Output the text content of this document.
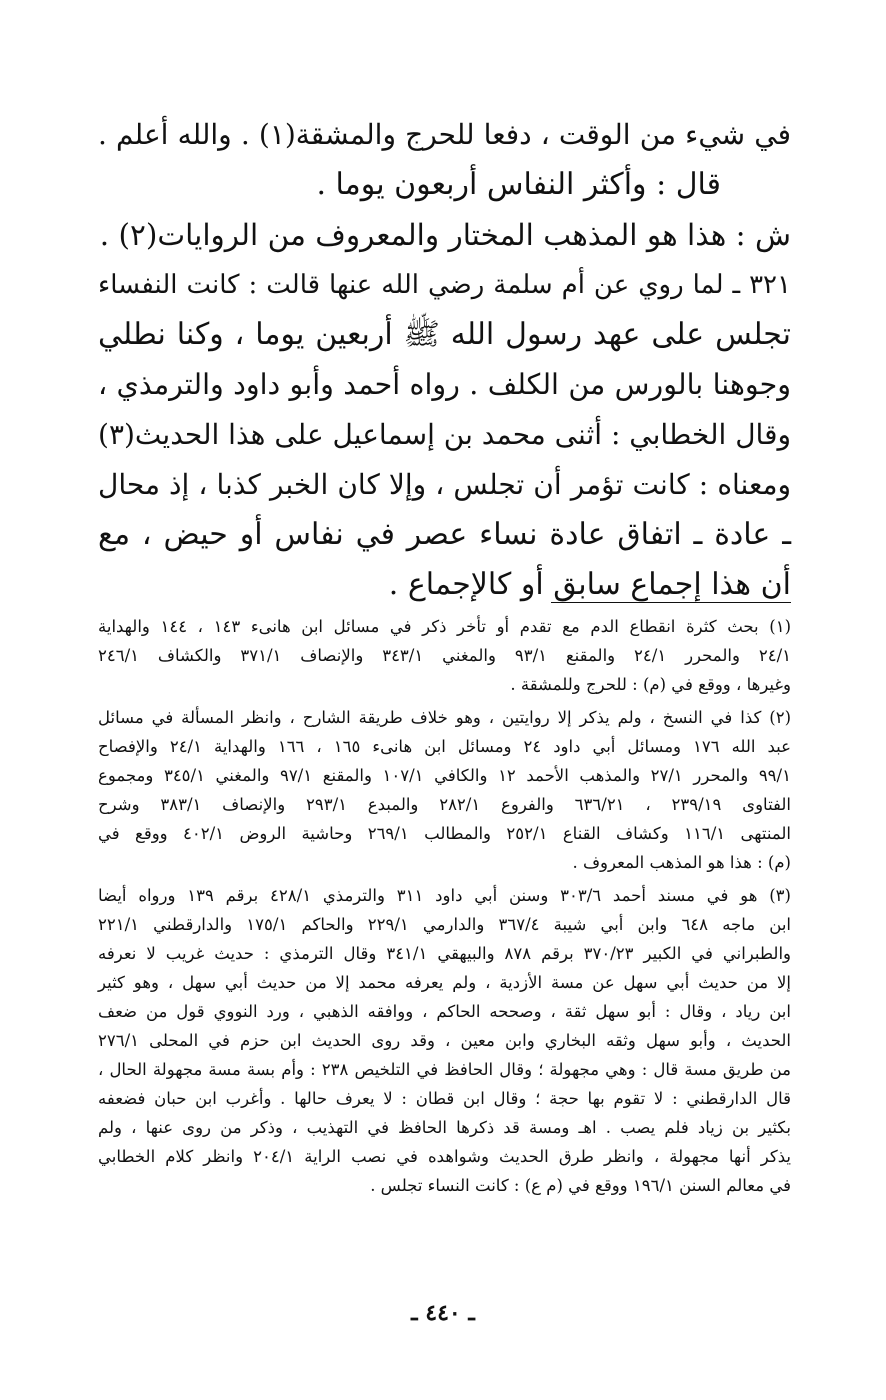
في شيء من الوقت ، دفعا للحرج والمشقة(١) . والله أعلم .
قال : وأكثر النفاس أربعون يوما .
ش : هذا هو المذهب المختار والمعروف من الروايات(٢) .
٣٢١ ـ لما روي عن أم سلمة رضي الله عنها قالت : كانت النفساء
تجلس على عهد رسول الله ﷺ أربعين يوما ، وكنا نطلي
وجوهنا بالورس من الكلف . رواه أحمد وأبو داود والترمذي ،
وقال الخطابي : أثنى محمد بن إسماعيل على هذا الحديث(٣)
ومعناه : كانت تؤمر أن تجلس ، وإلا كان الخبر كذبا ، إذ محال
ـ عادة ـ اتفاق عادة نساء عصر في نفاس أو حيض ، مع
أن هذا إجماع سابق أو كالإجماع .
(١) بحث كثرة انقطاع الدم مع تقدم أو تأخر ذكر في مسائل ابن هانىء ١٤٣ ، ١٤٤ والهداية
٢٤/١ والمحرر ٢٤/١ والمقنع ٩٣/١ والمغني ٣٤٣/١ والإنصاف ٣٧١/١ والكشاف ٢٤٦/١
وغيرها ، ووقع في (م) : للحرج وللمشقة .
(٢) كذا في النسخ ، ولم يذكر إلا روايتين ، وهو خلاف طريقة الشارح ، وانظر المسألة في مسائل
عبد الله ١٧٦ ومسائل أبي داود ٢٤ ومسائل ابن هانىء ١٦٥ ، ١٦٦ والهداية ٢٤/١ والإفصاح
٩٩/١ والمحرر ٢٧/١ والمذهب الأحمد ١٢ والكافي ١٠٧/١ والمقنع ٩٧/١ والمغني ٣٤٥/١ ومجموع
الفتاوى ٢٣٩/١٩ ، ٦٣٦/٢١ والفروع ٢٨٢/١ والمبدع ٢٩٣/١ والإنصاف ٣٨٣/١ وشرح
المنتهى ١١٦/١ وكشاف القناع ٢٥٢/١ والمطالب ٢٦٩/١ وحاشية الروض ٤٠٢/١ ووقع في
(م) : هذا هو المذهب المعروف .
(٣) هو في مسند أحمد ٣٠٣/٦ وسنن أبي داود ٣١١ والترمذي ٤٢٨/١ برقم ١٣٩ ورواه أيضا
ابن ماجه ٦٤٨ وابن أبي شيبة ٣٦٧/٤ والدارمي ٢٢٩/١ والحاكم ١٧٥/١ والدارقطني ٢٢١/١
والطبراني في الكبير ٣٧٠/٢٣ برقم ٨٧٨ والبيهقي ٣٤١/١ وقال الترمذي : حديث غريب لا نعرفه
إلا من حديث أبي سهل عن مسة الأزدية ، ولم يعرفه محمد إلا من حديث أبي سهل ، وهو كثير
ابن رياد ، وقال : أبو سهل ثقة ، وصححه الحاكم ، ووافقه الذهبي ، ورد النووي قول من ضعف
الحديث ، وأبو سهل وثقه البخاري وابن معين ، وقد روى الحديث ابن حزم في المحلى ٢٧٦/١
من طريق مسة قال : وهي مجهولة ؛ وقال الحافظ في التلخيص ٢٣٨ : وأم بسة مسة مجهولة الحال ،
قال الدارقطني : لا تقوم بها حجة ؛ وقال ابن قطان : لا يعرف حالها . وأغرب ابن حبان فضعفه
بكثير بن زياد فلم يصب . اهـ ومسة قد ذكرها الحافظ في التهذيب ، وذكر من روى عنها ، ولم
يذكر أنها مجهولة ، وانظر طرق الحديث وشواهده في نصب الراية ٢٠٤/١ وانظر كلام الخطابي
في معالم السنن ١٩٦/١ ووقع في (م ع) : كانت النساء تجلس .
ـ ٤٤٠ ـ
